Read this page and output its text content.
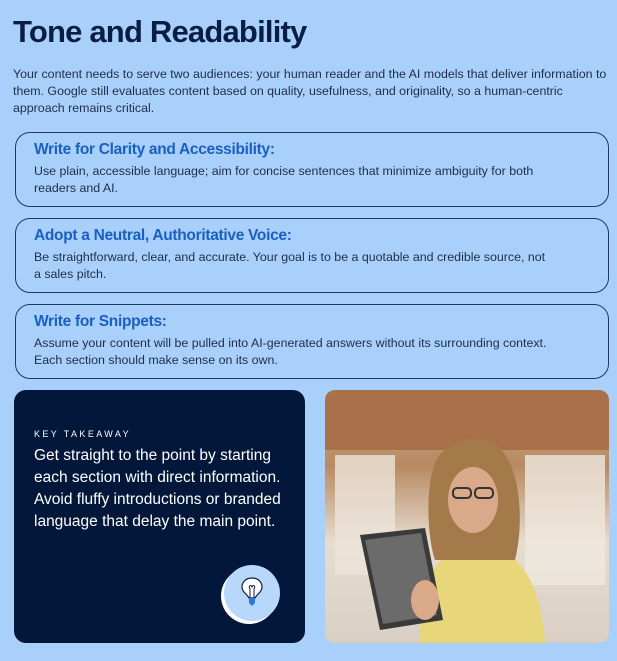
Tone and Readability

Your content needs to serve two audiences: your human reader and the AI models that deliver information to them. Google still evaluates content based on quality, usefulness, and originality, so a human-centric approach remains critical.

Write for Clarity and Accessibility:

Use plain, accessible language; aim for concise sentences that minimize ambiguity for both readers and AI.

Adopt a Neutral, Authoritative Voice:

Be straightforward, clear, and accurate. Your goal is to be a quotable and credible source, not a sales pitch.

Write for Snippets:

Assume your content will be pulled into AI-generated answers without its surrounding context. Each section should make sense on its own.

KEY TAKEAWAY
Get straight to the point by starting each section with direct information. Avoid fluffy introductions or branded language that delay the main point.
